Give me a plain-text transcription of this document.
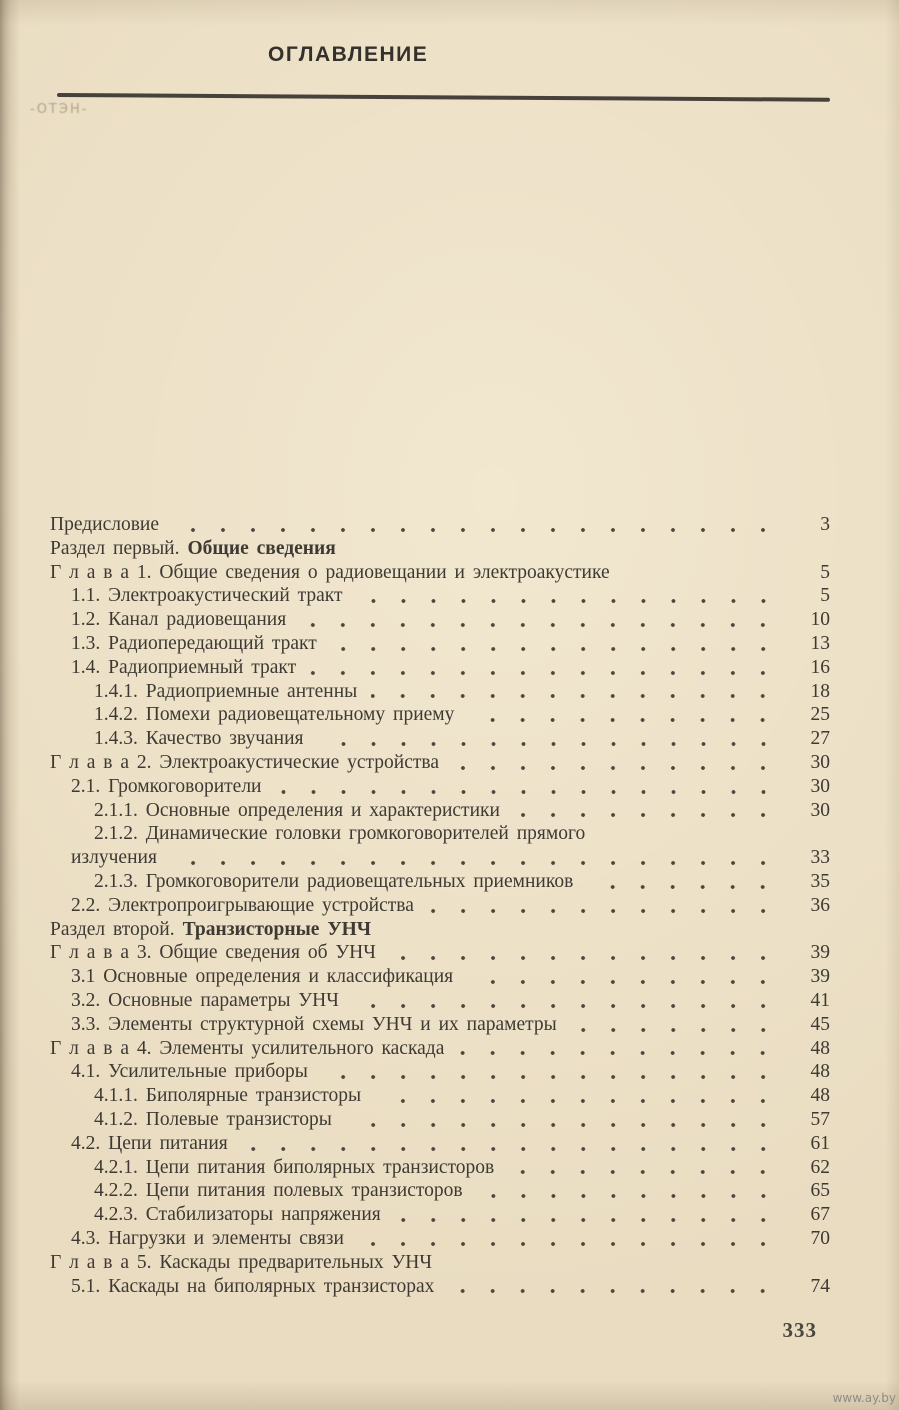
ОГЛАВЛЕНИЕ
-ОТЭН-
Предисловие	3
Раздел первый. Общие сведения
Г л а в а 1. Общие сведения о радиовещании и электроакустике	5
1.1. Электроакустический тракт	5
1.2. Канал радиовещания	10
1.3. Радиопередающий тракт	13
1.4. Радиоприемный тракт	16
1.4.1. Радиоприемные антенны	18
1.4.2. Помехи радиовещательному приему	25
1.4.3. Качество звучания	27
Г л а в а 2. Электроакустические устройства	30
2.1. Громкоговорители	30
2.1.1. Основные определения и характеристики	30
2.1.2. Динамические головки громкоговорителей прямого
излучения	33
2.1.3. Громкоговорители радиовещательных приемников	35
2.2. Электропроигрывающие устройства	36
Раздел второй. Транзисторные УНЧ
Г л а в а 3. Общие сведения об УНЧ	39
3.1 Основные определения и классификация	39
3.2. Основные параметры УНЧ	41
3.3. Элементы структурной схемы УНЧ и их параметры	45
Г л а в а 4. Элементы усилительного каскада	48
4.1. Усилительные приборы	48
4.1.1. Биполярные транзисторы	48
4.1.2. Полевые транзисторы	57
4.2. Цепи питания	61
4.2.1. Цепи питания биполярных транзисторов	62
4.2.2. Цепи питания полевых транзисторов	65
4.2.3. Стабилизаторы напряжения	67
4.3. Нагрузки и элементы связи	70
Г л а в а 5. Каскады предварительных УНЧ
5.1. Каскады на биполярных транзисторах	74
333
www.ay.by
